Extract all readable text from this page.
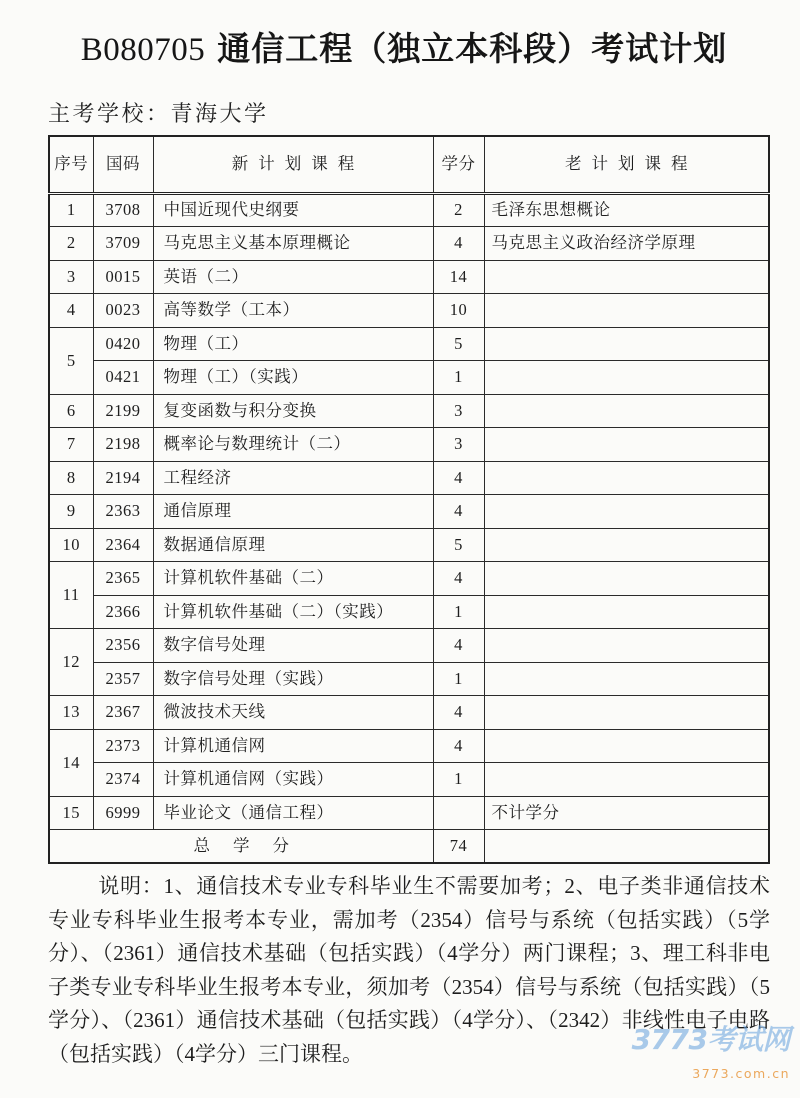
B080705 通信工程（独立本科段）考试计划
主考学校：青海大学
序号	国码	新计划课程	学分	老计划课程
1	3708	中国近现代史纲要	2	毛泽东思想概论
2	3709	马克思主义基本原理概论	4	马克思主义政治经济学原理
3	0015	英语（二）	14	
4	0023	高等数学（工本）	10	
5	0420	物理（工）	5	
	0421	物理（工）（实践）	1	
6	2199	复变函数与积分变换	3	
7	2198	概率论与数理统计（二）	3	
8	2194	工程经济	4	
9	2363	通信原理	4	
10	2364	数据通信原理	5	
11	2365	计算机软件基础（二）	4	
	2366	计算机软件基础（二）（实践）	1	
12	2356	数字信号处理	4	
	2357	数字信号处理（实践）	1	
13	2367	微波技术天线	4	
14	2373	计算机通信网	4	
	2374	计算机通信网（实践）	1	
15	6999	毕业论文（通信工程）		不计学分
总学分			74	

说明：1、通信技术专业专科毕业生不需要加考；2、电子类非通信技术专业专科毕业生报考本专业，需加考（2354）信号与系统（包括实践）（5学分）、（2361）通信技术基础（包括实践）（4学分）两门课程；3、理工科非电子类专业专科毕业生报考本专业，须加考（2354）信号与系统（包括实践）（5学分）、（2361）通信技术基础（包括实践）（4学分）、（2342）非线性电子电路（包括实践）（4学分）三门课程。	3773考试网
3773.com.cn
